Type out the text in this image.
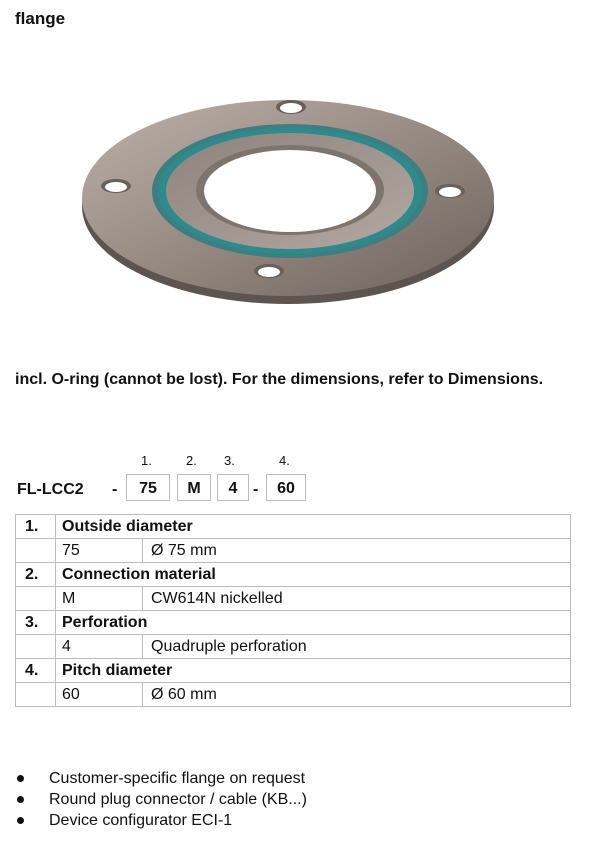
flange
incl. O-ring (cannot be lost). For the dimensions, refer to Dimensions.
1.	2. 3.	4.
FL-LCC2 -	75	M	4 -	60
1.	Outside diameter	
	75	Ø 75 mm
2.	Connection material	
	M	CW614N nickelled
3.	Perforation	
	4	Quadruple perforation
4.	Pitch diameter	
	60	Ø 60 mm
Customer-specific flange on request
Round plug connector / cable (KB...)
Device configurator ECI-1
